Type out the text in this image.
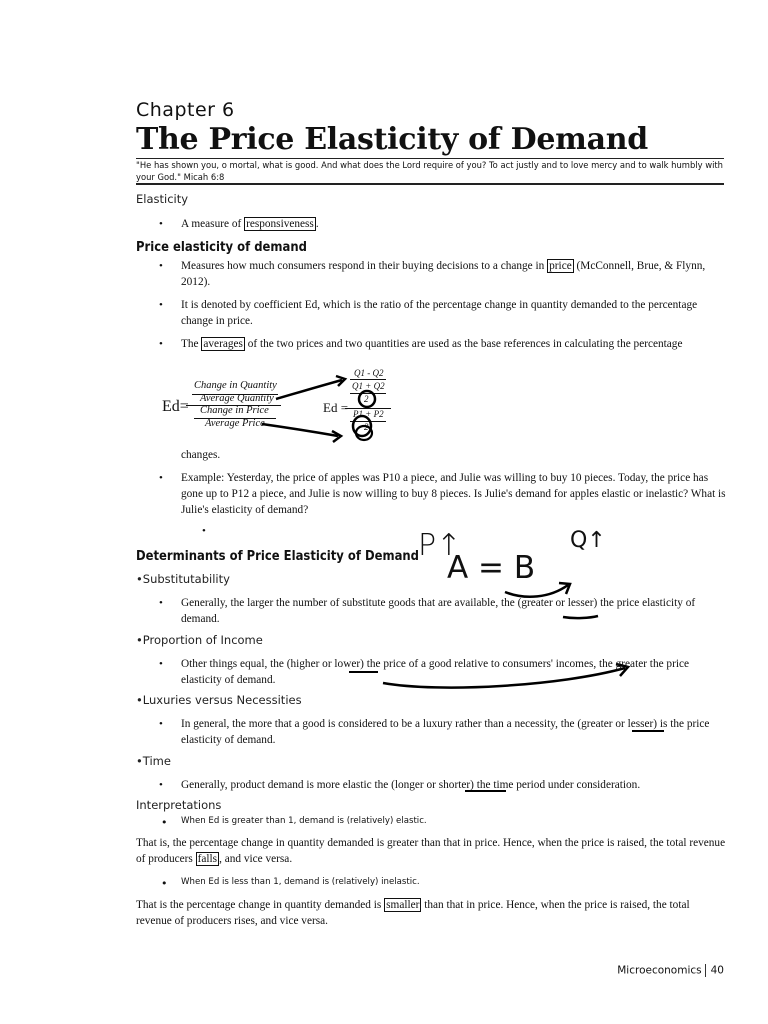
Chapter 6
The Price Elasticity of Demand
"He has shown you, o mortal, what is good. And what does the Lord require of you? To act justly and to love mercy and to walk humbly with your God." Micah 6:8
Elasticity
• A measure of responsiveness .
Price elasticity of demand
• Measures how much consumers respond in their buying decisions to a change in price (McConnell, Brue, & Flynn, 2012).
• It is denoted by coefficient Ed, which is the ratio of the percentage change in quantity demanded to the percentage change in price.
• The averages of the two prices and two quantities are used as the base references in calculating the percentage
Ed=
Change in Quantity
Average Quantity
Change in Price
Average Price
Ed =
Q1 - Q2
Q1 + Q2
2
P1 + P2
2
changes.
• Example: Yesterday, the price of apples was P10 a piece, and Julie was willing to buy 10 pieces. Today, the price has gone up to P12 a piece, and Julie is now willing to buy 8 pieces. Is Julie's demand for apples elastic or inelastic? What is Julie's elasticity of demand?
•	P↑
A = B
Q↑
Determinants of Price Elasticity of Demand
•Substitutability
• Generally, the larger the number of substitute goods that are available, the (greater or lesser) the price elasticity of demand.
•Proportion of Income
• Other things equal, the (higher or lower) the price of a good relative to consumers' incomes, the greater the price elasticity of demand.
•Luxuries versus Necessities
• In general, the more that a good is considered to be a luxury rather than a necessity, the (greater or lesser) is the price elasticity of demand.
•Time
• Generally, product demand is more elastic the (longer or shorter) the time period under consideration.
Interpretations
• When Ed is greater than 1, demand is (relatively) elastic.
That is, the percentage change in quantity demanded is greater than that in price. Hence, when the price is raised, the total revenue of producers falls , and vice versa.
• When Ed is less than 1, demand is (relatively) inelastic.
That is the percentage change in quantity demanded is smaller than that in price. Hence, when the price is raised, the total revenue of producers rises, and vice versa.
Microeconomics 40
